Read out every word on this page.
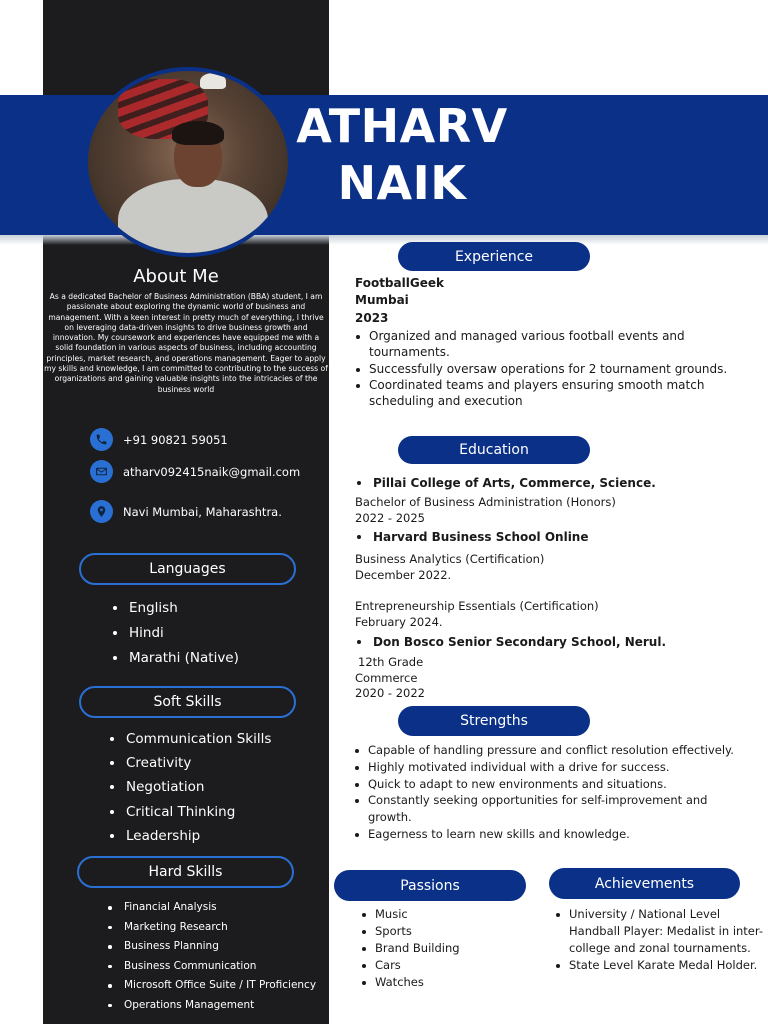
ATHARV
NAIK
About Me
As a dedicated Bachelor of Business Administration (BBA) student, I am passionate about exploring the dynamic world of business and management. With a keen interest in pretty much of everything, I thrive on leveraging data-driven insights to drive business growth and innovation. My coursework and experiences have equipped me with a solid foundation in various aspects of business, including accounting principles, market research, and operations management. Eager to apply my skills and knowledge, I am committed to contributing to the success of organizations and gaining valuable insights into the intricacies of the business world
+91 90821 59051
atharv092415naik@gmail.com
Navi Mumbai, Maharashtra.
Languages
English
Hindi
Marathi (Native)
Soft Skills
Communication Skills
Creativity
Negotiation
Critical Thinking
Leadership
Hard Skills
Financial Analysis
Marketing Research
Business Planning
Business Communication
Microsoft Office Suite / IT Proficiency
Operations Management
Experience
FootballGeek
Mumbai
2023
Organized and managed various football events and tournaments.
Successfully oversaw operations for 2 tournament grounds.
Coordinated teams and players ensuring smooth match scheduling and execution
Education
Pillai College of Arts, Commerce, Science.
Bachelor of Business Administration (Honors)
2022 - 2025
Harvard Business School Online
Business Analytics (Certification)
December 2022.
Entrepreneurship Essentials (Certification)
February 2024.
Don Bosco Senior Secondary School, Nerul.
12th Grade
Commerce
2020 - 2022
Strengths
Capable of handling pressure and conflict resolution effectively.
Highly motivated individual with a drive for success.
Quick to adapt to new environments and situations.
Constantly seeking opportunities for self-improvement and growth.
Eagerness to learn new skills and knowledge.
Passions
Music
Sports
Brand Building
Cars
Watches
Achievements
University / National Level Handball Player: Medalist in inter-college and zonal tournaments.
State Level Karate Medal Holder.
